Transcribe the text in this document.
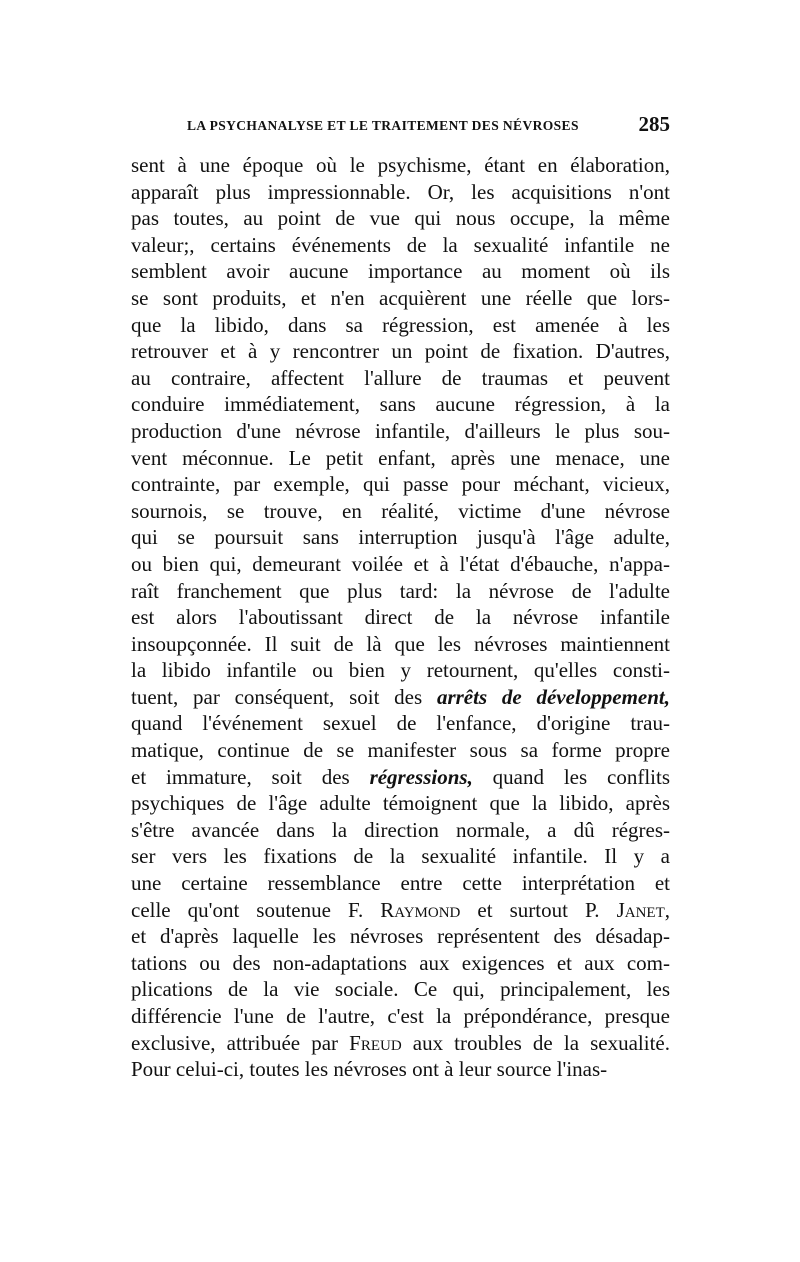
LA PSYCHANALYSE ET LE TRAITEMENT DES NÉVROSES	285
sent à une époque où le psychisme, étant en élaboration,
apparaît plus impressionnable. Or, les acquisitions n'ont
pas toutes, au point de vue qui nous occupe, la même
valeur;, certains événements de la sexualité infantile ne
semblent avoir aucune importance au moment où ils
se sont produits, et n'en acquièrent une réelle que lors-
que la libido, dans sa régression, est amenée à les
retrouver et à y rencontrer un point de fixation. D'autres,
au contraire, affectent l'allure de traumas et peuvent
conduire immédiatement, sans aucune régression, à la
production d'une névrose infantile, d'ailleurs le plus sou-
vent méconnue. Le petit enfant, après une menace, une
contrainte, par exemple, qui passe pour méchant, vicieux,
sournois, se trouve, en réalité, victime d'une névrose
qui se poursuit sans interruption jusqu'à l'âge adulte,
ou bien qui, demeurant voilée et à l'état d'ébauche, n'appa-
raît franchement que plus tard: la névrose de l'adulte
est alors l'aboutissant direct de la névrose infantile
insoupçonnée. Il suit de là que les névroses maintiennent
la libido infantile ou bien y retournent, qu'elles consti-
tuent, par conséquent, soit des arrêts de développement,
quand l'événement sexuel de l'enfance, d'origine trau-
matique, continue de se manifester sous sa forme propre
et immature, soit des régressions, quand les conflits
psychiques de l'âge adulte témoignent que la libido, après
s'être avancée dans la direction normale, a dû régres-
ser vers les fixations de la sexualité infantile. Il y a
une certaine ressemblance entre cette interprétation et
celle qu'ont soutenue F. Raymond et surtout P. Janet,
et d'après laquelle les névroses représentent des désadap-
tations ou des non-adaptations aux exigences et aux com-
plications de la vie sociale. Ce qui, principalement, les
différencie l'une de l'autre, c'est la prépondérance, presque
exclusive, attribuée par Freud aux troubles de la sexualité.
Pour celui-ci, toutes les névroses ont à leur source l'inas-
